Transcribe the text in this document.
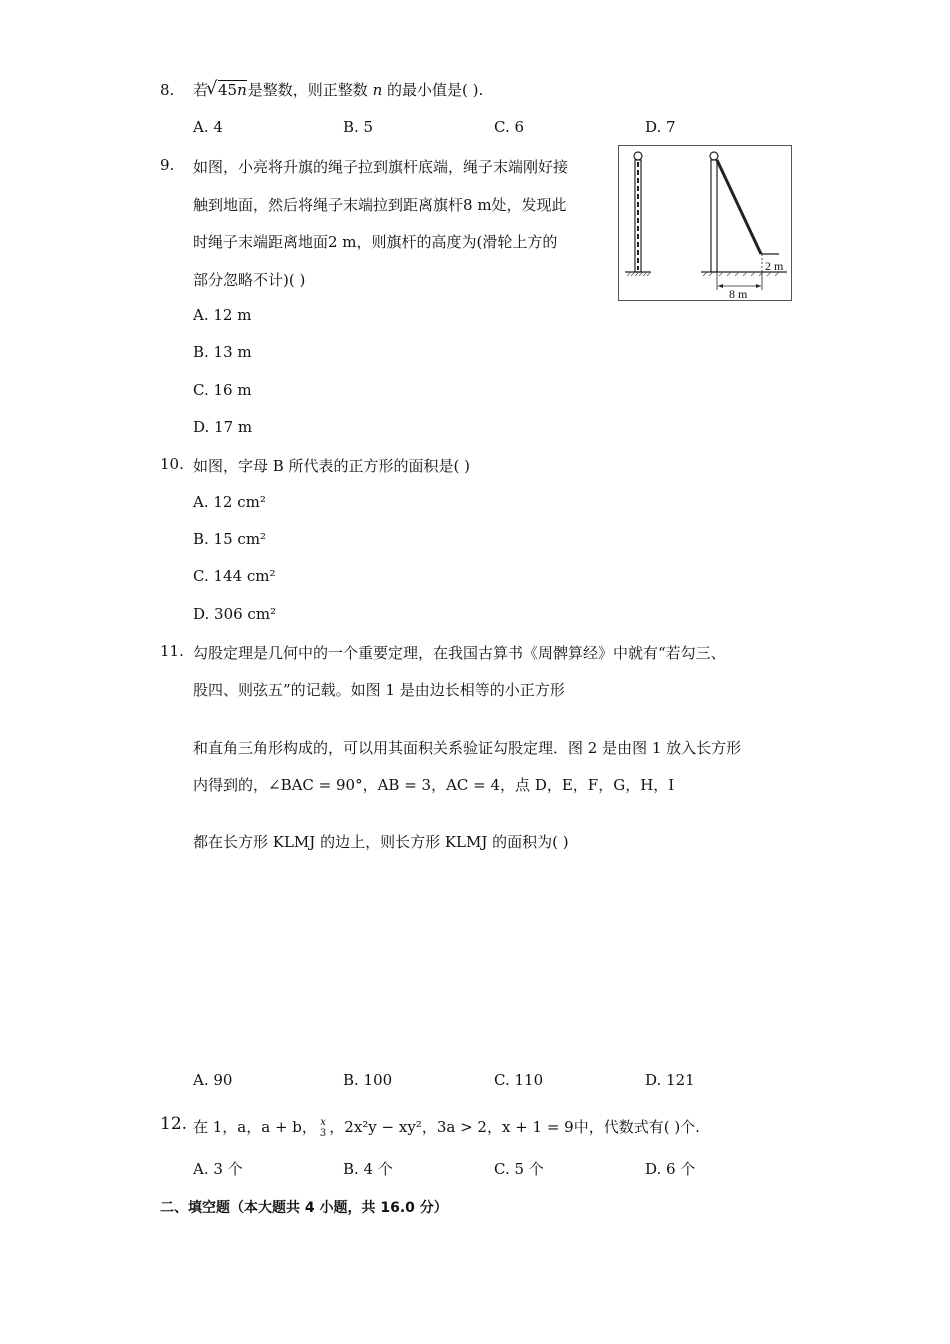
8. 若√ 45n是整数，则正整数 n 的最小值是( ).
A. 4	B. 5	C. 6	D. 7
9. 如图，小亮将升旗的绳子拉到旗杆底端，绳子末端刚好接
触到地面，然后将绳子末端拉到距离旗杆8 m处，发现此
时绳子末端距离地面2 m，则旗杆的高度为(滑轮上方的
部分忽略不计)( )
2 m
8 m
A. 12 m
B. 13 m
C. 16 m
D. 17 m
10. 如图，字母 B 所代表的正方形的面积是( )
A. 12 cm²
B. 15 cm²
C. 144 cm²
D. 306 cm²
11. 勾股定理是几何中的一个重要定理，在我国古算书《周髀算经》中就有“若勾三、
股四、则弦五”的记载。如图 1 是由边长相等的小正方形
和直角三角形构成的，可以用其面积关系验证勾股定理．图 2 是由图 1 放入长方形
内得到的，∠BAC = 90°，AB = 3，AC = 4，点 D，E，F，G，H，I
都在长方形 KLMJ 的边上，则长方形 KLMJ 的面积为( )
A. 90	B. 100	C. 110	D. 121
12. 在 1，a，a + b， x
3 ，2x²y − xy²，3a > 2，x + 1 = 9中，代数式有( )个.
A. 3 个	B. 4 个	C. 5 个	D. 6 个
二、填空题（本大题共 4 小题，共 16.0 分）
